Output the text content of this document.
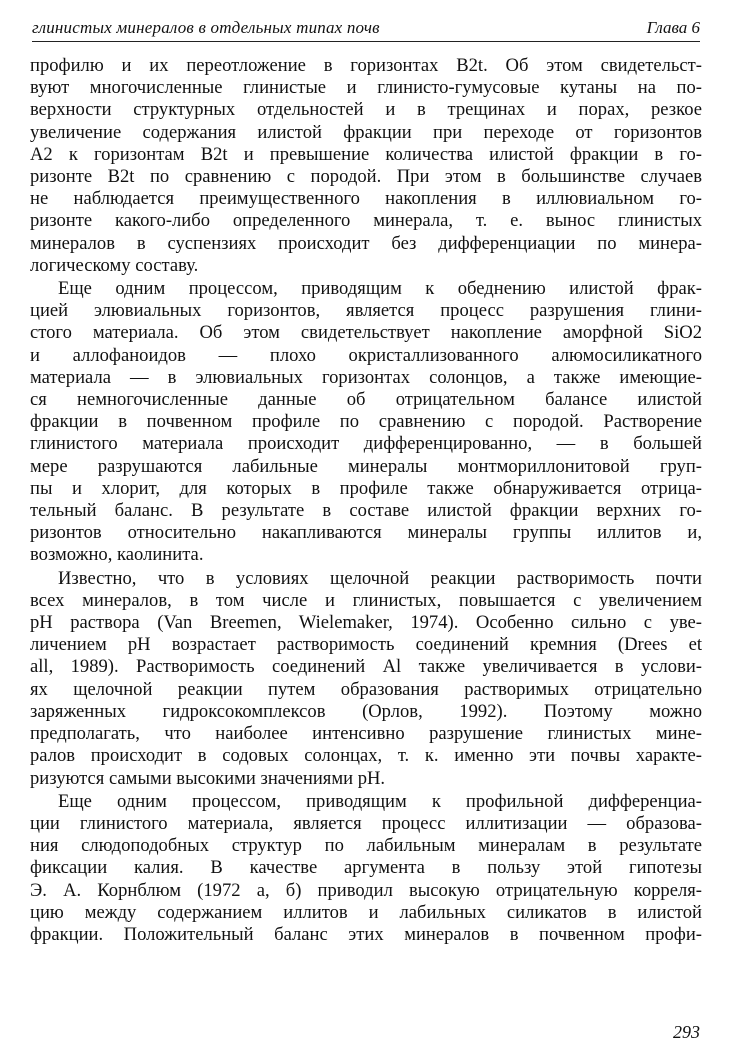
глинистых минералов в отдельных типах почв	Глава 6

профилю и их переотложение в горизонтах B2t. Об этом свидетельст-
вуют многочисленные глинистые и глинисто-гумусовые кутаны на по-
верхности структурных отдельностей и в трещинах и порах, резкое
увеличение содержания илистой фракции при переходе от горизонтов
А2 к горизонтам B2t и превышение количества илистой фракции в го-
ризонте B2t по сравнению с породой. При этом в большинстве случаев
не наблюдается преимущественного накопления в иллювиальном го-
ризонте какого-либо определенного минерала, т. е. вынос глинистых
минералов в суспензиях происходит без дифференциации по минера-
логическому составу.

Еще одним процессом, приводящим к обеднению илистой фрак-
цией элювиальных горизонтов, является процесс разрушения глини-
стого материала. Об этом свидетельствует накопление аморфной SiO2
и аллофаноидов — плохо окристаллизованного алюмосиликатного
материала — в элювиальных горизонтах солонцов, а также имеющие-
ся немногочисленные данные об отрицательном балансе илистой
фракции в почвенном профиле по сравнению с породой. Растворение
глинистого материала происходит дифференцированно, — в большей
мере разрушаются лабильные минералы монтмориллонитовой груп-
пы и хлорит, для которых в профиле также обнаруживается отрица-
тельный баланс. В результате в составе илистой фракции верхних го-
ризонтов относительно накапливаются минералы группы иллитов и,
возможно, каолинита.

Известно, что в условиях щелочной реакции растворимость почти
всех минералов, в том числе и глинистых, повышается с увеличением
pH раствора (Van Breemen, Wielemaker, 1974). Особенно сильно с уве-
личением pH возрастает растворимость соединений кремния (Drees et
all, 1989). Растворимость соединений Al также увеличивается в услови-
ях щелочной реакции путем образования растворимых отрицательно
заряженных гидроксокомплексов (Орлов, 1992). Поэтому можно
предполагать, что наиболее интенсивно разрушение глинистых мине-
ралов происходит в содовых солонцах, т. к. именно эти почвы характе-
ризуются самыми высокими значениями pH.

Еще одним процессом, приводящим к профильной дифференциа-
ции глинистого материала, является процесс иллитизации — образова-
ния слюдоподобных структур по лабильным минералам в результате
фиксации калия. В качестве аргумента в пользу этой гипотезы
Э. А. Корнблюм (1972 а, б) приводил высокую отрицательную корреля-
цию между содержанием иллитов и лабильных силикатов в илистой
фракции. Положительный баланс этих минералов в почвенном профи-

293
